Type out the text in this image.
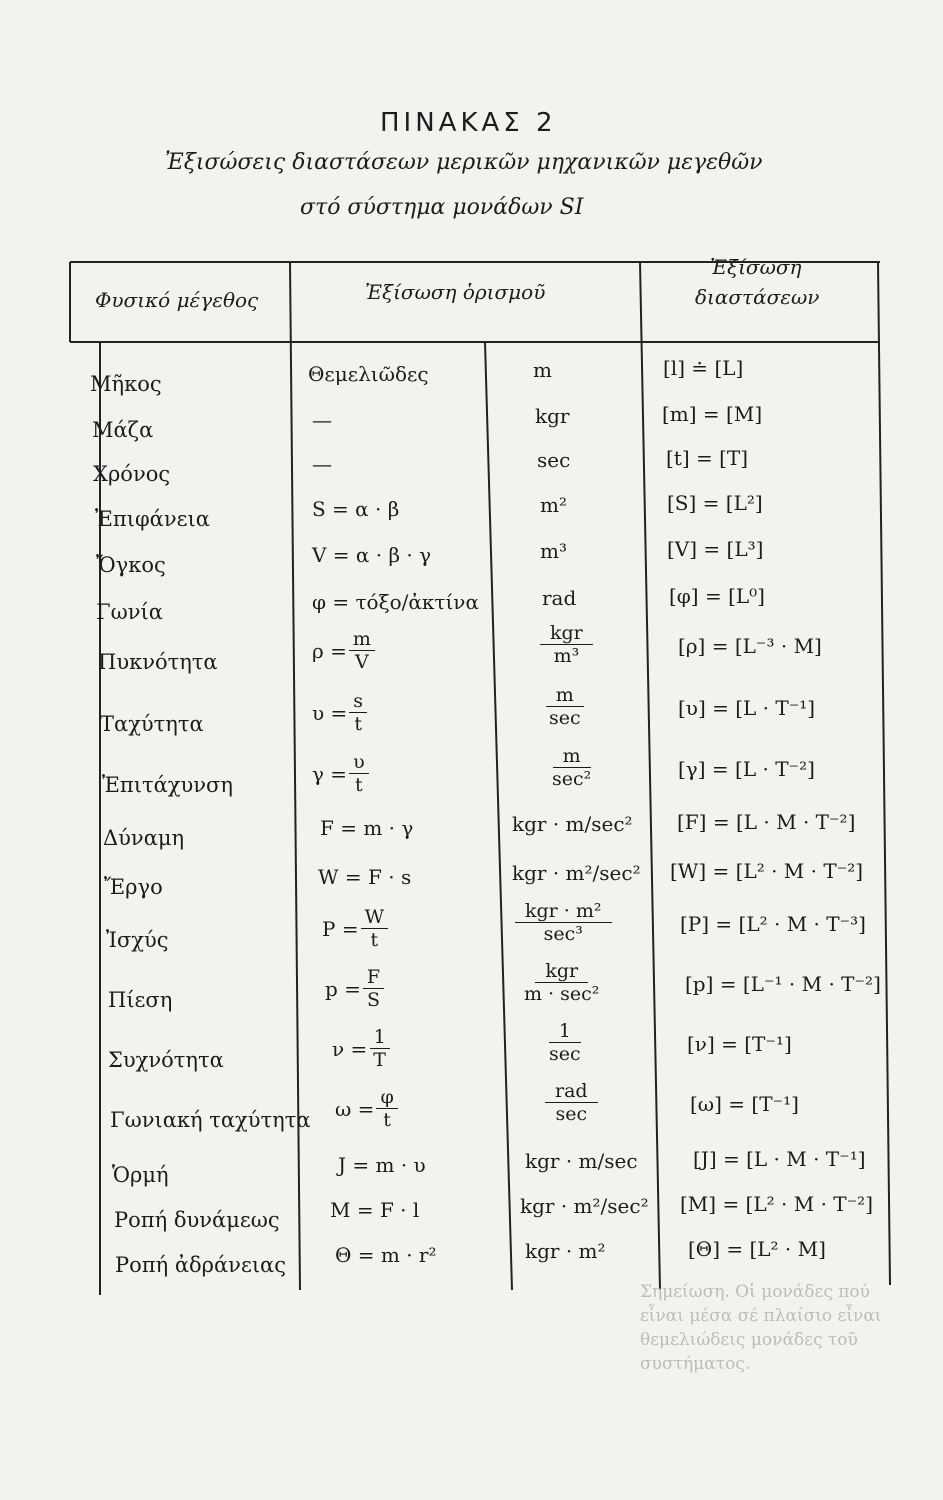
ΠΙΝΑΚΑΣ 2
Ἐξισώσεις διαστάσεων μερικῶν μηχανικῶν μεγεθῶν
στό σύστημα μονάδων SI
Φυσικό μέγεθος	Ἐξίσωση ὁρισμοῦ
Ἐξίσωση
διαστάσεων
Μῆκος	Θεμελιῶδες	m	[l] ≐ [L]
Μάζα	—	kgr	[m] = [M]
Χρόνος	—	sec	[t] = [T]
Ἐπιφάνεια	S = α · β	m²	[S] = [L²]
Ὄγκος	V = α · β · γ	m³	[V] = [L³]
Γωνία	φ = τόξο/ἀκτίνα	rad	[φ] = [L⁰]
Πυκνότητα	$\rho = \frac{m}{V}$	$\frac{\text{kgr}}{\text{m³}}$	[ρ] = [L⁻³ · M]
Ταχύτητα	$\upsilon = \frac{s}{t}$	$\frac{m}{\sec}$	[υ] = [L · T⁻¹]
Ἐπιτάχυνση	$\gamma = \frac{\upsilon}{t}$	$\frac{m}{\text{sec²}}$	[γ] = [L · T⁻²]
Δύναμη	F = m · γ	kgr · m/sec² [F] = [L · M · T⁻²]
Ἔργο	W = F · s	kgr · m²/sec² [W] = [L² · M · T⁻²]
Ἰσχύς	$P = \frac{W}{t}$	$\frac{\text{kgr · m²}}{\text{sec³}}$	[P] = [L² · M · T⁻³]
Πίεση	$p = \frac{F}{S}$	$\frac{\text{kgr}}{\text{m · sec²}}$	[p] = [L⁻¹ · M · T⁻²]
Συχνότητα	$\nu = \frac{1}{T}$	$\frac{1}{\sec}$	[ν] = [T⁻¹]
Γωνιακή ταχύτητα $\omega = \frac{\varphi}{t}$	$\frac{\text{rad}}{\sec}$	[ω] = [T⁻¹]
Ὁρμή	J = m · υ	kgr · m/sec	[J] = [L · M · T⁻¹]
Ροπή δυνάμεως	M = F · l	kgr · m²/sec² [M] = [L² · M · T⁻²]
Ροπή ἀδράνειας Θ = m · r²	kgr · m²	[Θ] = [L² · M]
Σημείωση. Οἱ μονάδες πού εἶναι μέσα σέ πλαίσιο εἶναι θεμελιώδεις μονάδες τοῦ συστήματος.
